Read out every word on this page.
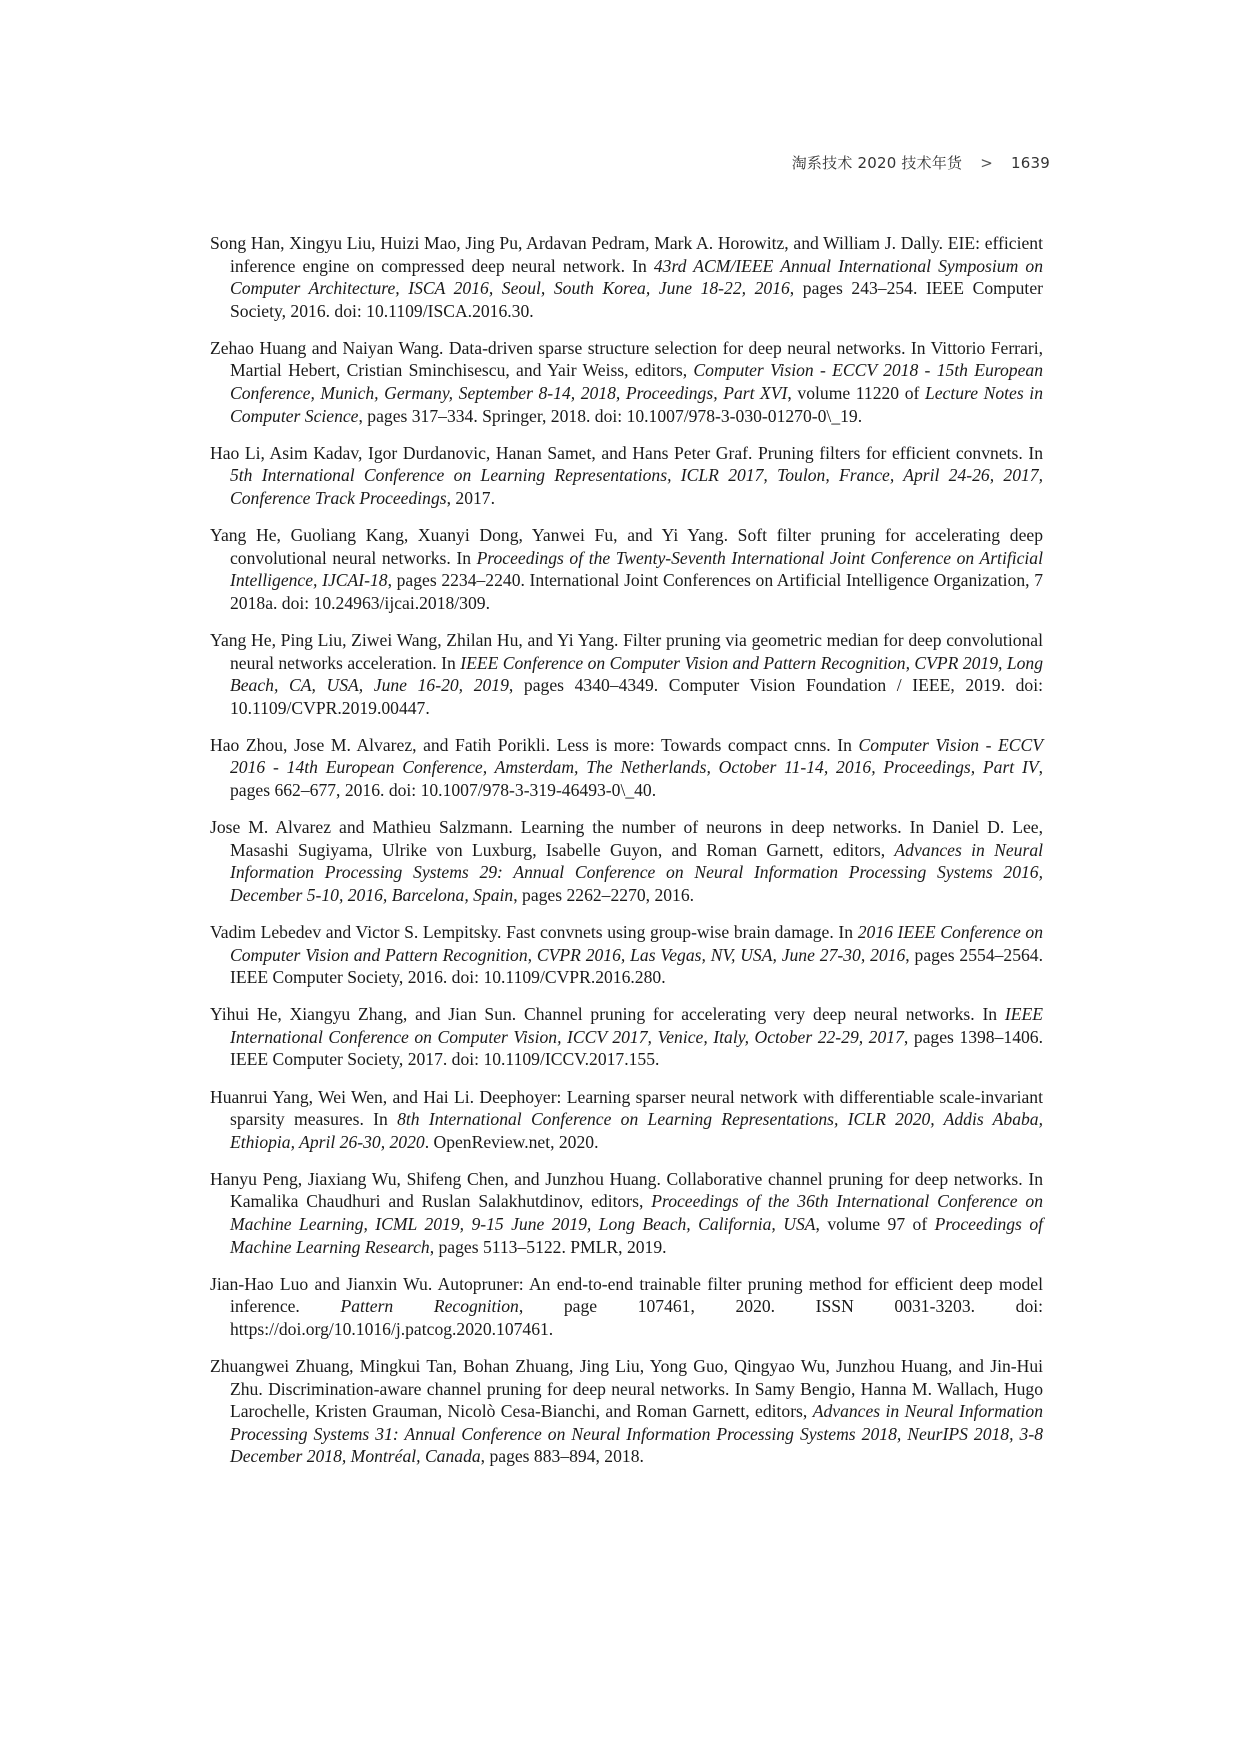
淘系技术 2020 技术年货 > 1639

Song Han, Xingyu Liu, Huizi Mao, Jing Pu, Ardavan Pedram, Mark A. Horowitz, and William J. Dally. EIE: efficient inference engine on compressed deep neural network. In 43rd ACM/IEEE Annual International Symposium on Computer Architecture, ISCA 2016, Seoul, South Korea, June 18-22, 2016, pages 243–254. IEEE Computer Society, 2016. doi: 10.1109/ISCA.2016.30.

Zehao Huang and Naiyan Wang. Data-driven sparse structure selection for deep neural networks. In Vittorio Ferrari, Martial Hebert, Cristian Sminchisescu, and Yair Weiss, editors, Computer Vision - ECCV 2018 - 15th European Conference, Munich, Germany, September 8-14, 2018, Proceedings, Part XVI, volume 11220 of Lecture Notes in Computer Science, pages 317–334. Springer, 2018. doi: 10.1007/978-3-030-01270-0\_19.

Hao Li, Asim Kadav, Igor Durdanovic, Hanan Samet, and Hans Peter Graf. Pruning filters for efficient convnets. In 5th International Conference on Learning Representations, ICLR 2017, Toulon, France, April 24-26, 2017, Conference Track Proceedings, 2017.

Yang He, Guoliang Kang, Xuanyi Dong, Yanwei Fu, and Yi Yang. Soft filter pruning for accelerating deep convolutional neural networks. In Proceedings of the Twenty-Seventh International Joint Conference on Artificial Intelligence, IJCAI-18, pages 2234–2240. International Joint Conferences on Artificial Intelligence Organization, 7 2018a. doi: 10.24963/ijcai.2018/309.

Yang He, Ping Liu, Ziwei Wang, Zhilan Hu, and Yi Yang. Filter pruning via geometric median for deep convolutional neural networks acceleration. In IEEE Conference on Computer Vision and Pattern Recognition, CVPR 2019, Long Beach, CA, USA, June 16-20, 2019, pages 4340–4349. Computer Vision Foundation / IEEE, 2019. doi: 10.1109/CVPR.2019.00447.

Hao Zhou, Jose M. Alvarez, and Fatih Porikli. Less is more: Towards compact cnns. In Computer Vision - ECCV 2016 - 14th European Conference, Amsterdam, The Netherlands, October 11-14, 2016, Proceedings, Part IV, pages 662–677, 2016. doi: 10.1007/978-3-319-46493-0\_40.

Jose M. Alvarez and Mathieu Salzmann. Learning the number of neurons in deep networks. In Daniel D. Lee, Masashi Sugiyama, Ulrike von Luxburg, Isabelle Guyon, and Roman Garnett, editors, Advances in Neural Information Processing Systems 29: Annual Conference on Neural Information Processing Systems 2016, December 5-10, 2016, Barcelona, Spain, pages 2262–2270, 2016.

Vadim Lebedev and Victor S. Lempitsky. Fast convnets using group-wise brain damage. In 2016 IEEE Conference on Computer Vision and Pattern Recognition, CVPR 2016, Las Vegas, NV, USA, June 27-30, 2016, pages 2554–2564. IEEE Computer Society, 2016. doi: 10.1109/CVPR.2016.280.

Yihui He, Xiangyu Zhang, and Jian Sun. Channel pruning for accelerating very deep neural networks. In IEEE International Conference on Computer Vision, ICCV 2017, Venice, Italy, October 22-29, 2017, pages 1398–1406. IEEE Computer Society, 2017. doi: 10.1109/ICCV.2017.155.

Huanrui Yang, Wei Wen, and Hai Li. Deephoyer: Learning sparser neural network with differentiable scale-invariant sparsity measures. In 8th International Conference on Learning Representations, ICLR 2020, Addis Ababa, Ethiopia, April 26-30, 2020. OpenReview.net, 2020.

Hanyu Peng, Jiaxiang Wu, Shifeng Chen, and Junzhou Huang. Collaborative channel pruning for deep networks. In Kamalika Chaudhuri and Ruslan Salakhutdinov, editors, Proceedings of the 36th International Conference on Machine Learning, ICML 2019, 9-15 June 2019, Long Beach, California, USA, volume 97 of Proceedings of Machine Learning Research, pages 5113–5122. PMLR, 2019.

Jian-Hao Luo and Jianxin Wu. Autopruner: An end-to-end trainable filter pruning method for efficient deep model inference. Pattern Recognition, page 107461, 2020. ISSN 0031-3203. doi: https://doi.org/10.1016/j.patcog.2020.107461.

Zhuangwei Zhuang, Mingkui Tan, Bohan Zhuang, Jing Liu, Yong Guo, Qingyao Wu, Junzhou Huang, and Jin-Hui Zhu. Discrimination-aware channel pruning for deep neural networks. In Samy Bengio, Hanna M. Wallach, Hugo Larochelle, Kristen Grauman, Nicolò Cesa-Bianchi, and Roman Garnett, editors, Advances in Neural Information Processing Systems 31: Annual Conference on Neural Information Processing Systems 2018, NeurIPS 2018, 3-8 December 2018, Montréal, Canada, pages 883–894, 2018.
